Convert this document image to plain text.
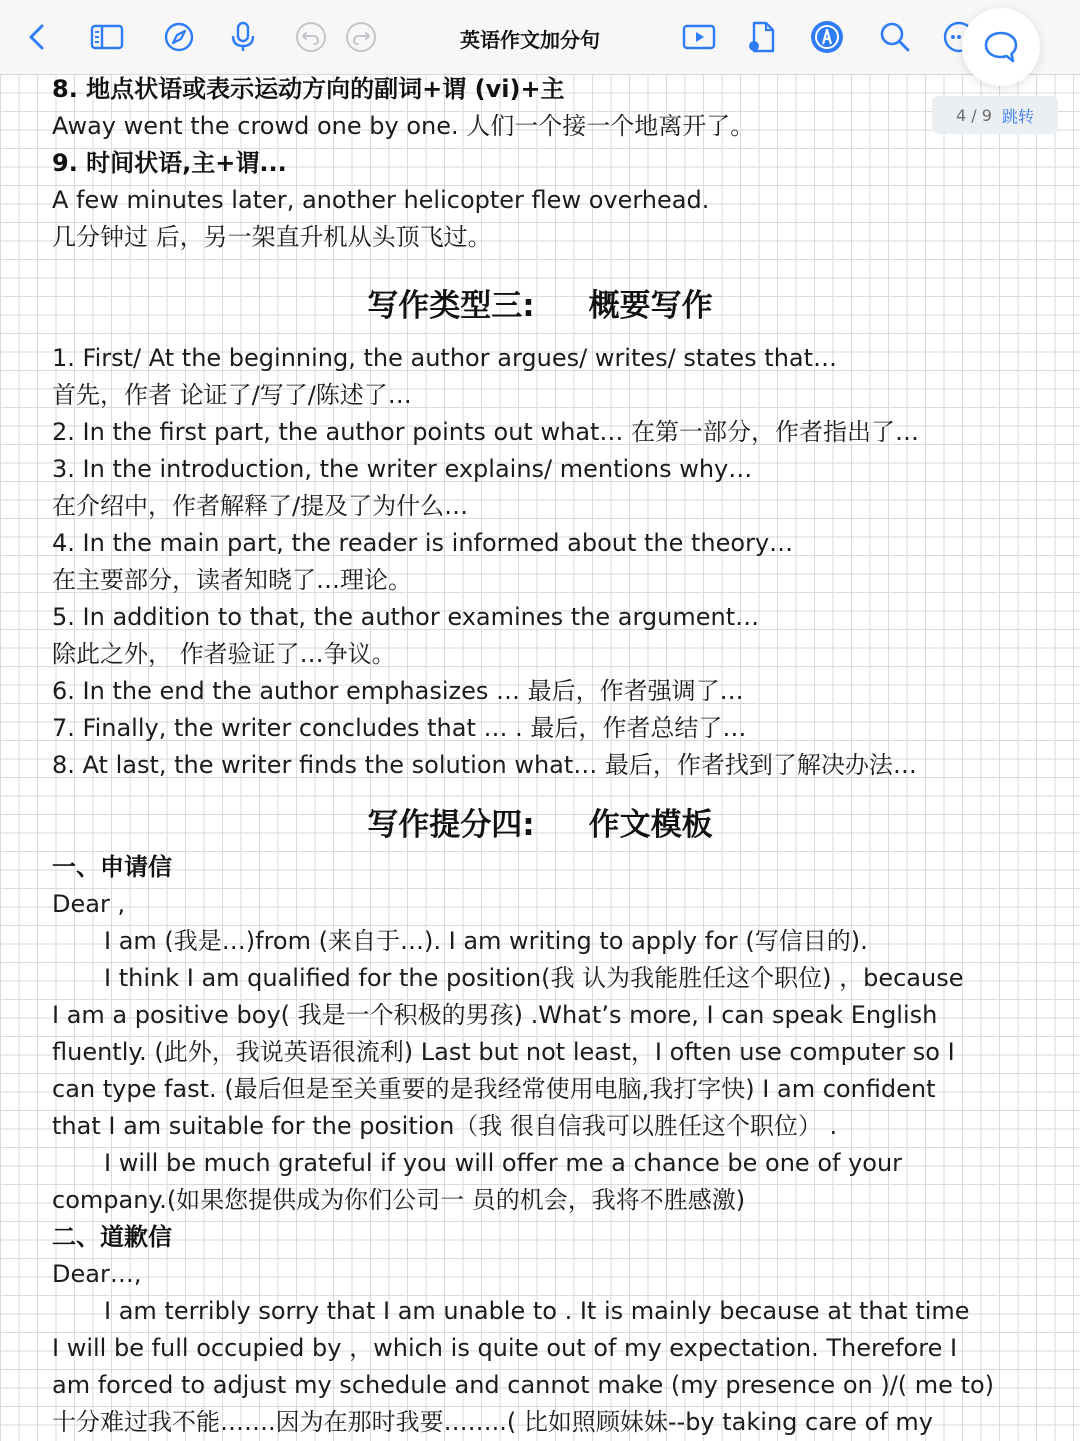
英语作文加分句
4 / 9 跳转
8. 地点状语或表示运动方向的副词+谓 (vi)+主
Away went the crowd one by one. 人们一个接一个地离开了。
9. 时间状语,主+谓...
A few minutes later, another helicopter flew overhead.
几分钟过 后，另一架直升机从头顶飞过。
写作类型三:     概要写作
1. First/ At the beginning, the author argues/ writes/ states that…
首先，作者 论证了/写了/陈述了…
2. In the first part, the author points out what… 在第一部分，作者指出了…
3. In the introduction, the writer explains/ mentions why…
在介绍中，作者解释了/提及了为什么…
4. In the main part, the reader is informed about the theory…
在主要部分，读者知晓了…理论。
5. In addition to that, the author examines the argument…
除此之外， 作者验证了…争议。
6. In the end the author emphasizes … 最后，作者强调了…
7. Finally, the writer concludes that … . 最后，作者总结了…
8. At last, the writer finds the solution what… 最后，作者找到了解决办法…
写作提分四:     作文模板
一、申请信
Dear ,
I am (我是…)from (来自于…). I am writing to apply for (写信目的).
I think I am qualified for the position(我 认为我能胜任这个职位) ，because
I am a positive boy( 我是一个积极的男孩) .What’s more, I can speak English
fluently. (此外，我说英语很流利) Last but not least，I often use computer so I
can type fast. (最后但是至关重要的是我经常使用电脑,我打字快) I am confident
that I am suitable for the position（我 很自信我可以胜任这个职位） .
I will be much grateful if you will offer me a chance be one of your
company.(如果您提供成为你们公司一 员的机会，我将不胜感激)
二、道歉信
Dear…,
I am terribly sorry that I am unable to . It is mainly because at that time
I will be full occupied by ，which is quite out of my expectation. Therefore I
am forced to adjust my schedule and cannot make (my presence on )/( me to)
十分难过我不能…….因为在那时我要……..( 比如照顾妹妹--by taking care of my
